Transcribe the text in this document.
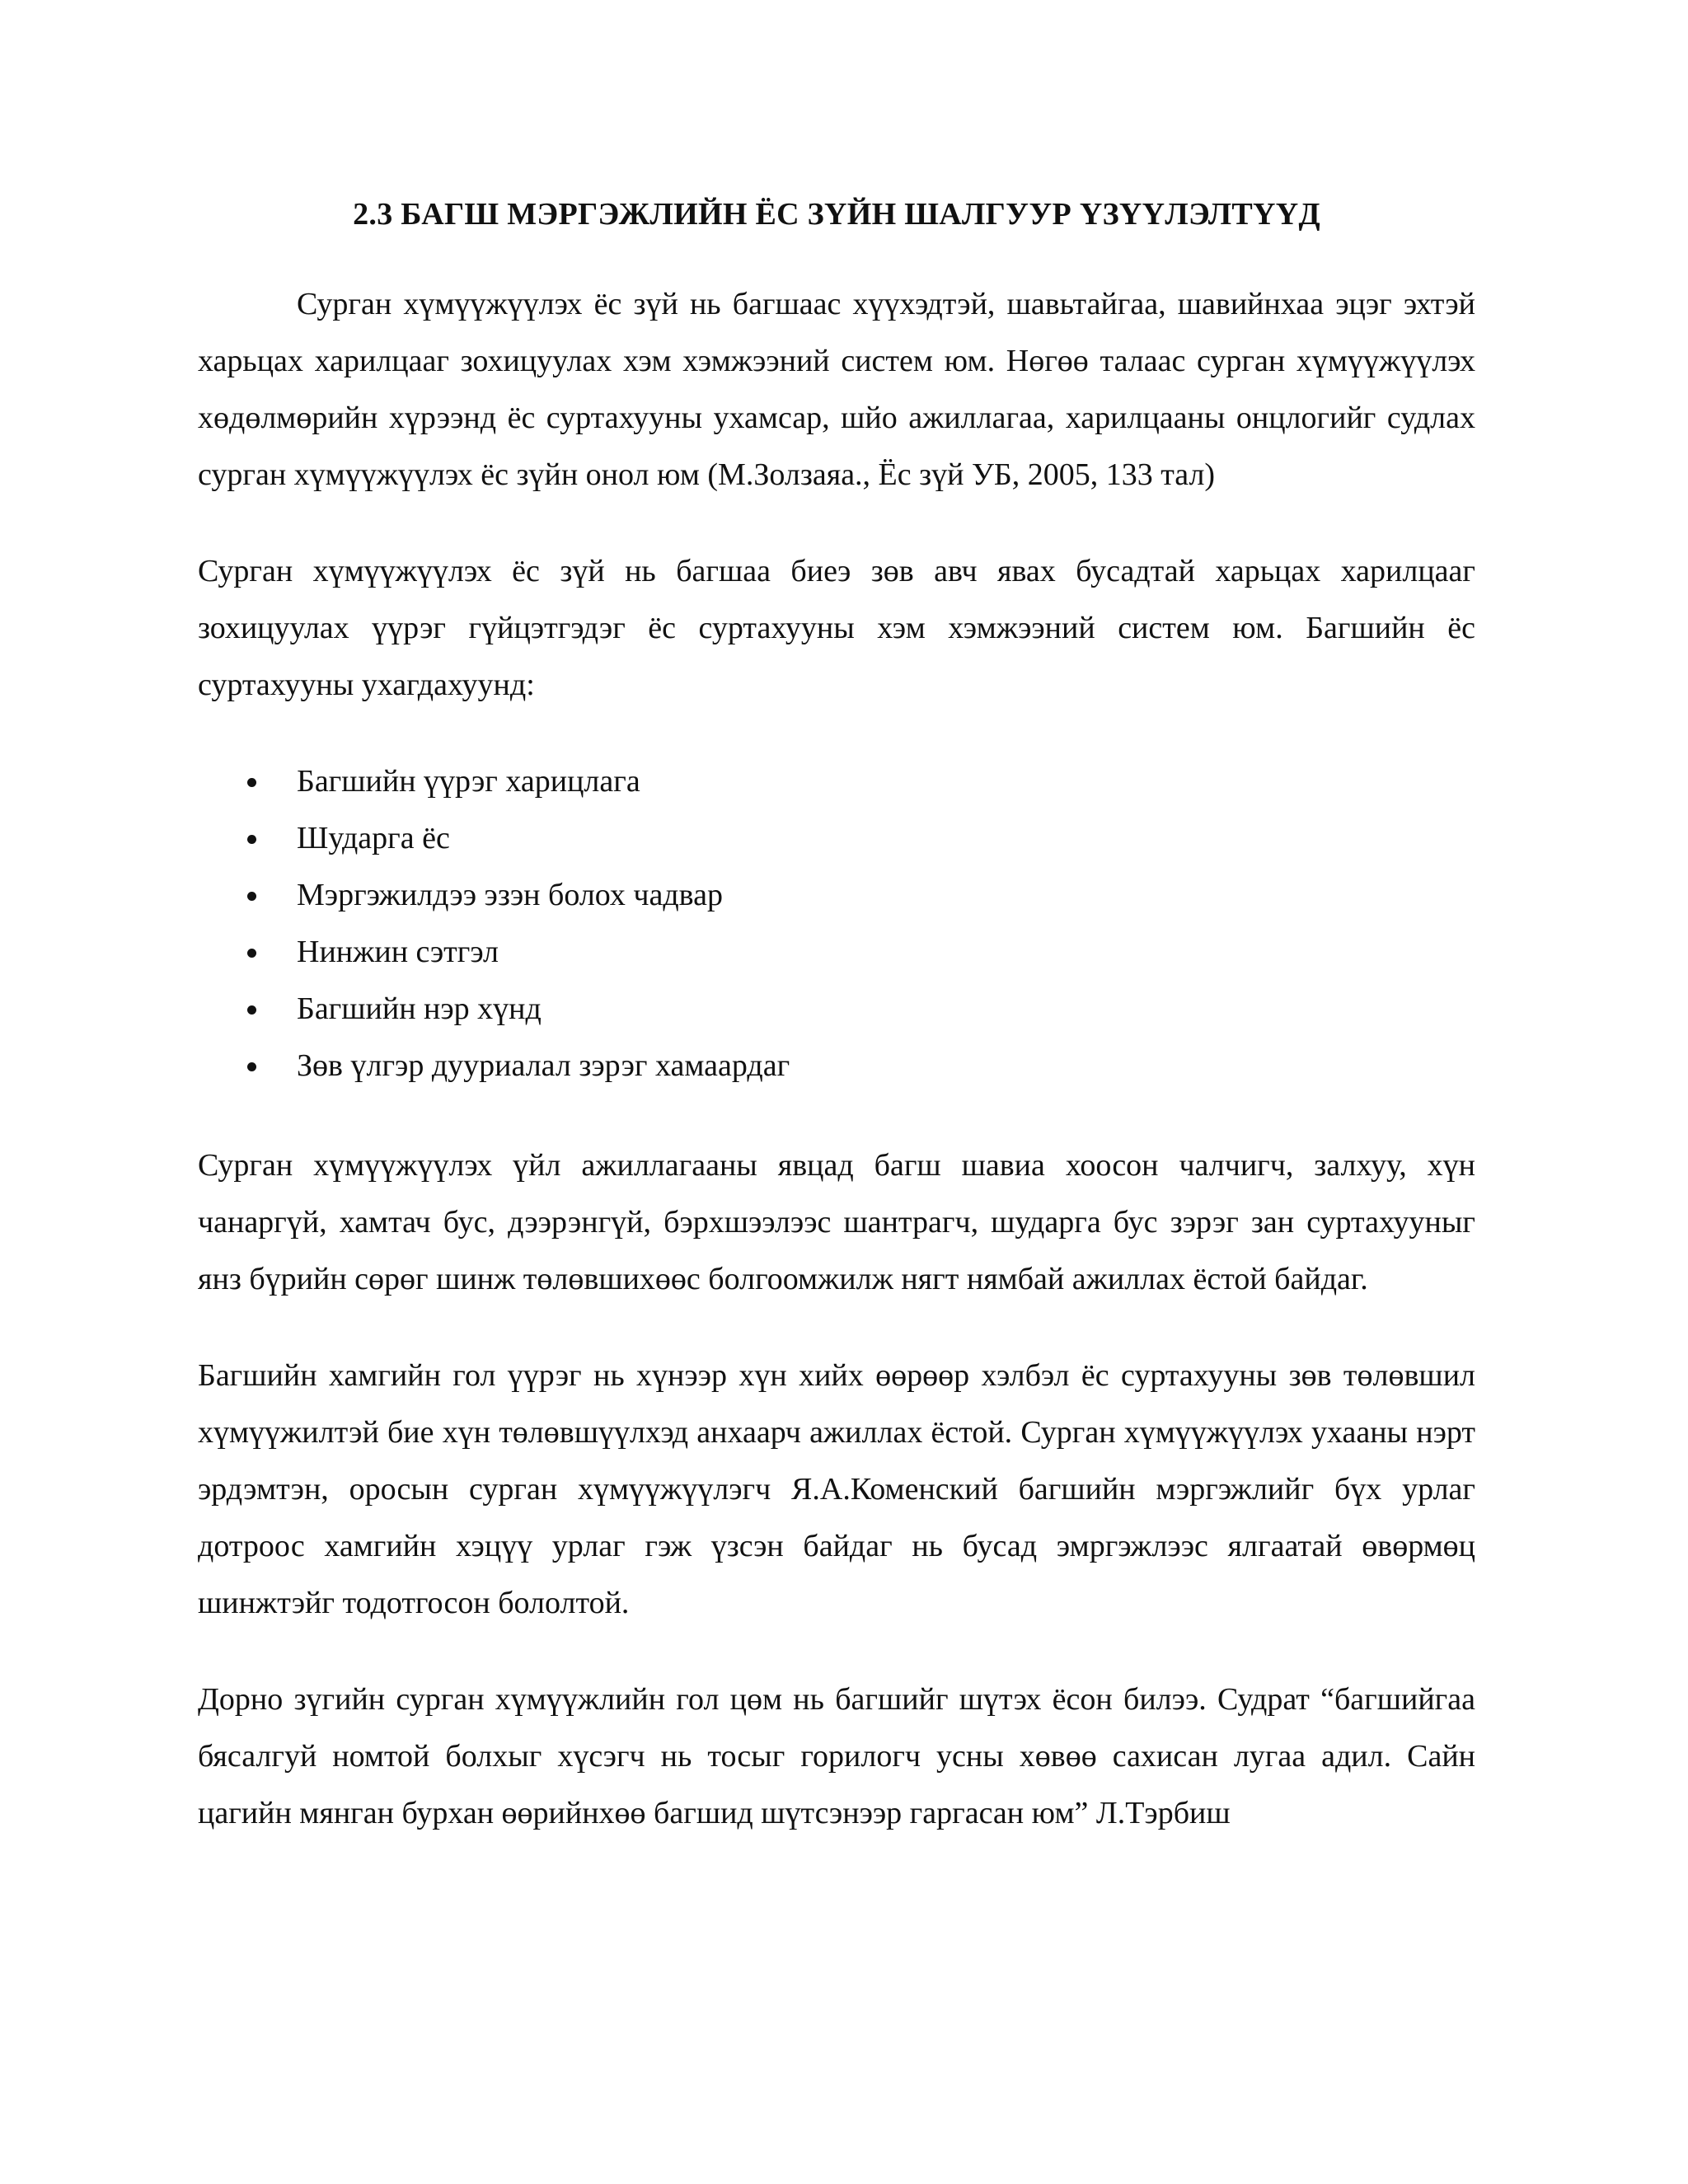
2.3 БАГШ МЭРГЭЖЛИЙН ЁС ЗҮЙН ШАЛГУУР ҮЗҮҮЛЭЛТҮҮД

Сурган хүмүүжүүлэх ёс зүй нь багшаас хүүхэдтэй, шавьтайгаа, шавийнхаа эцэг эхтэй харьцах харилцааг зохицуулах хэм хэмжээний систем юм. Нөгөө талаас сурган хүмүүжүүлэх хөдөлмөрийн хүрээнд ёс суртахууны ухамсар, шйо ажиллагаа, харилцааны онцлогийг судлах сурган хүмүүжүүлэх ёс зүйн онол юм (М.Золзаяа., Ёс зүй УБ, 2005, 133 тал)

Сурган хүмүүжүүлэх ёс зүй нь багшаа биеэ зөв авч явах бусадтай харьцах харилцааг зохицуулах үүрэг гүйцэтгэдэг ёс суртахууны хэм хэмжээний систем юм. Багшийн ёс суртахууны ухагдахуунд:

Багшийн үүрэг харицлага
Шударга ёс
Мэргэжилдээ эзэн болох чадвар
Нинжин сэтгэл
Багшийн нэр хүнд
Зөв үлгэр дууриалал зэрэг хамаардаг

Сурган хүмүүжүүлэх үйл ажиллагааны явцад багш шавиа хоосон чалчигч, залхуу, хүн чанаргүй, хамтач бус, дээрэнгүй, бэрхшээлээс шантрагч, шударга бус зэрэг зан суртахууныг янз бүрийн сөрөг шинж төлөвшихөөс болгоомжилж нягт нямбай ажиллах ёстой байдаг.

Багшийн хамгийн гол үүрэг нь хүнээр хүн хийх өөрөөр хэлбэл ёс суртахууны зөв төлөвшил хүмүүжилтэй бие хүн төлөвшүүлхэд анхаарч ажиллах ёстой. Сурган хүмүүжүүлэх ухааны нэрт эрдэмтэн, оросын сурган хүмүүжүүлэгч Я.А.Коменский багшийн мэргэжлийг бүх урлаг дотроос хамгийн хэцүү урлаг гэж үзсэн байдаг нь бусад эмргэжлээс ялгаатай өвөрмөц шинжтэйг тодотгосон бололтой.

Дорно зүгийн сурган хүмүүжлийн гол цөм нь багшийг шүтэх ёсон билээ. Судрат “багшийгаа бясалгуй номтой болхыг хүсэгч нь тосыг горилогч усны хөвөө сахисан лугаа адил. Сайн цагийн мянган бурхан өөрийнхөө багшид шүтсэнээр гаргасан юм” Л.Тэрбиш
